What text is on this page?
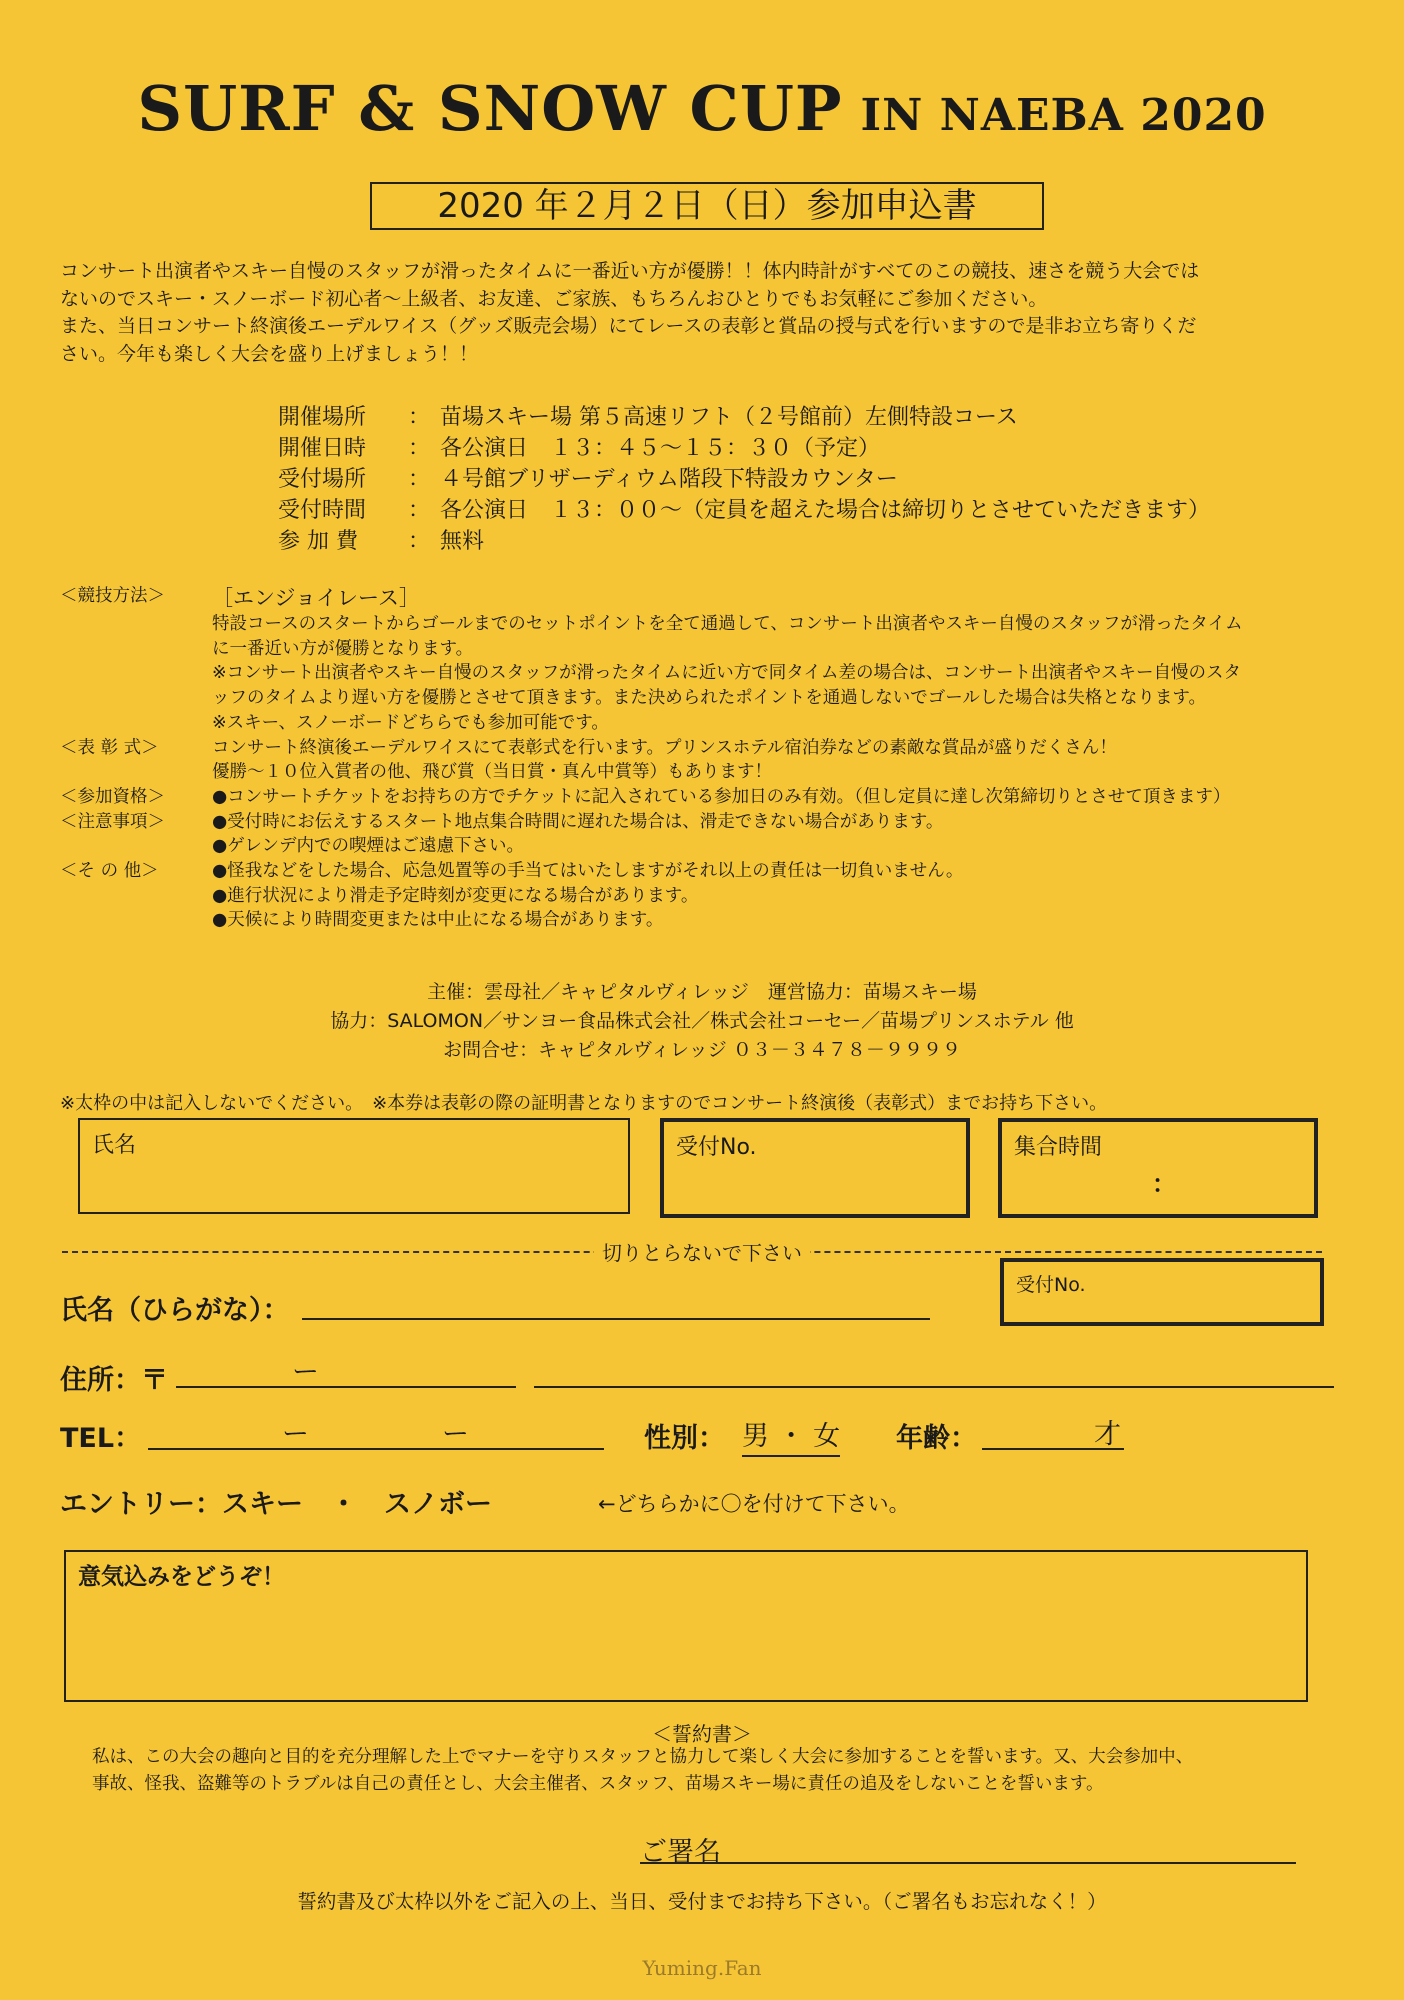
SURF & SNOW CUP IN NAEBA 2020
2020 年２月２日（日）参加申込書

コンサート出演者やスキー自慢のスタッフが滑ったタイムに一番近い方が優勝！！体内時計がすべてのこの競技、速さを競う大会では

ないのでスキー・スノーボード初心者～上級者、お友達、ご家族、もちろんおひとりでもお気軽にご参加ください。

また、当日コンサート終演後エーデルワイス（グッズ販売会場）にてレースの表彰と賞品の授与式を行いますので是非お立ち寄りくだ

さい。今年も楽しく大会を盛り上げましょう！！

開催場所	： 苗場スキー場 第５高速リフト（２号館前）左側特設コース
開催日時	： 各公演日　１３：４５～１５：３０（予定）
受付場所	： ４号館ブリザーディウム階段下特設カウンター
受付時間	： 各公演日　１３：００～（定員を超えた場合は締切りとさせていただきます）
参 加 費	： 無料
＜競技方法＞	［エンジョイレース］
特設コースのスタートからゴールまでのセットポイントを全て通過して、コンサート出演者やスキー自慢のスタッフが滑ったタイム
に一番近い方が優勝となります。
※コンサート出演者やスキー自慢のスタッフが滑ったタイムに近い方で同タイム差の場合は、コンサート出演者やスキー自慢のスタ
ッフのタイムより遅い方を優勝とさせて頂きます。また決められたポイントを通過しないでゴールした場合は失格となります。
※スキー、スノーボードどちらでも参加可能です。
＜表 彰 式＞	コンサート終演後エーデルワイスにて表彰式を行います。プリンスホテル宿泊券などの素敵な賞品が盛りだくさん！
優勝～１０位入賞者の他、飛び賞（当日賞・真ん中賞等）もあります！
＜参加資格＞	●コンサートチケットをお持ちの方でチケットに記入されている参加日のみ有効。（但し定員に達し次第締切りとさせて頂きます）
＜注意事項＞	●受付時にお伝えするスタート地点集合時間に遅れた場合は、滑走できない場合があります。
●ゲレンデ内での喫煙はご遠慮下さい。
＜そ の 他＞	●怪我などをした場合、応急処置等の手当てはいたしますがそれ以上の責任は一切負いません。
●進行状況により滑走予定時刻が変更になる場合があります。
●天候により時間変更または中止になる場合があります。
主催：雲母社／キャピタルヴィレッジ　運営協力：苗場スキー場
協力：SALOMON／サンヨー食品株式会社／株式会社コーセー／苗場プリンスホテル 他
お問合せ：キャピタルヴィレッジ ０３－３４７８－９９９９
※太枠の中は記入しないでください。　※本券は表彰の際の証明書となりますのでコンサート終演後（表彰式）までお持ち下さい。
氏名	受付No.	集合時間
：
切りとらないで下さい
受付No.
氏名（ひらがな）：
住所：〒	ー
TEL：	ー	ー	性別： 男 ・ 女 年齢：	才
エントリー：スキー　・　スノボー	←どちらかに〇を付けて下さい。
意気込みをどうぞ！
＜誓約書＞

私は、この大会の趣向と目的を充分理解した上でマナーを守りスタッフと協力して楽しく大会に参加することを誓います。又、大会参加中、

事故、怪我、盗難等のトラブルは自己の責任とし、大会主催者、スタッフ、苗場スキー場に責任の追及をしないことを誓います。

ご署名
誓約書及び太枠以外をご記入の上、当日、受付までお持ち下さい。（ご署名もお忘れなく！）
Yuming.Fan
